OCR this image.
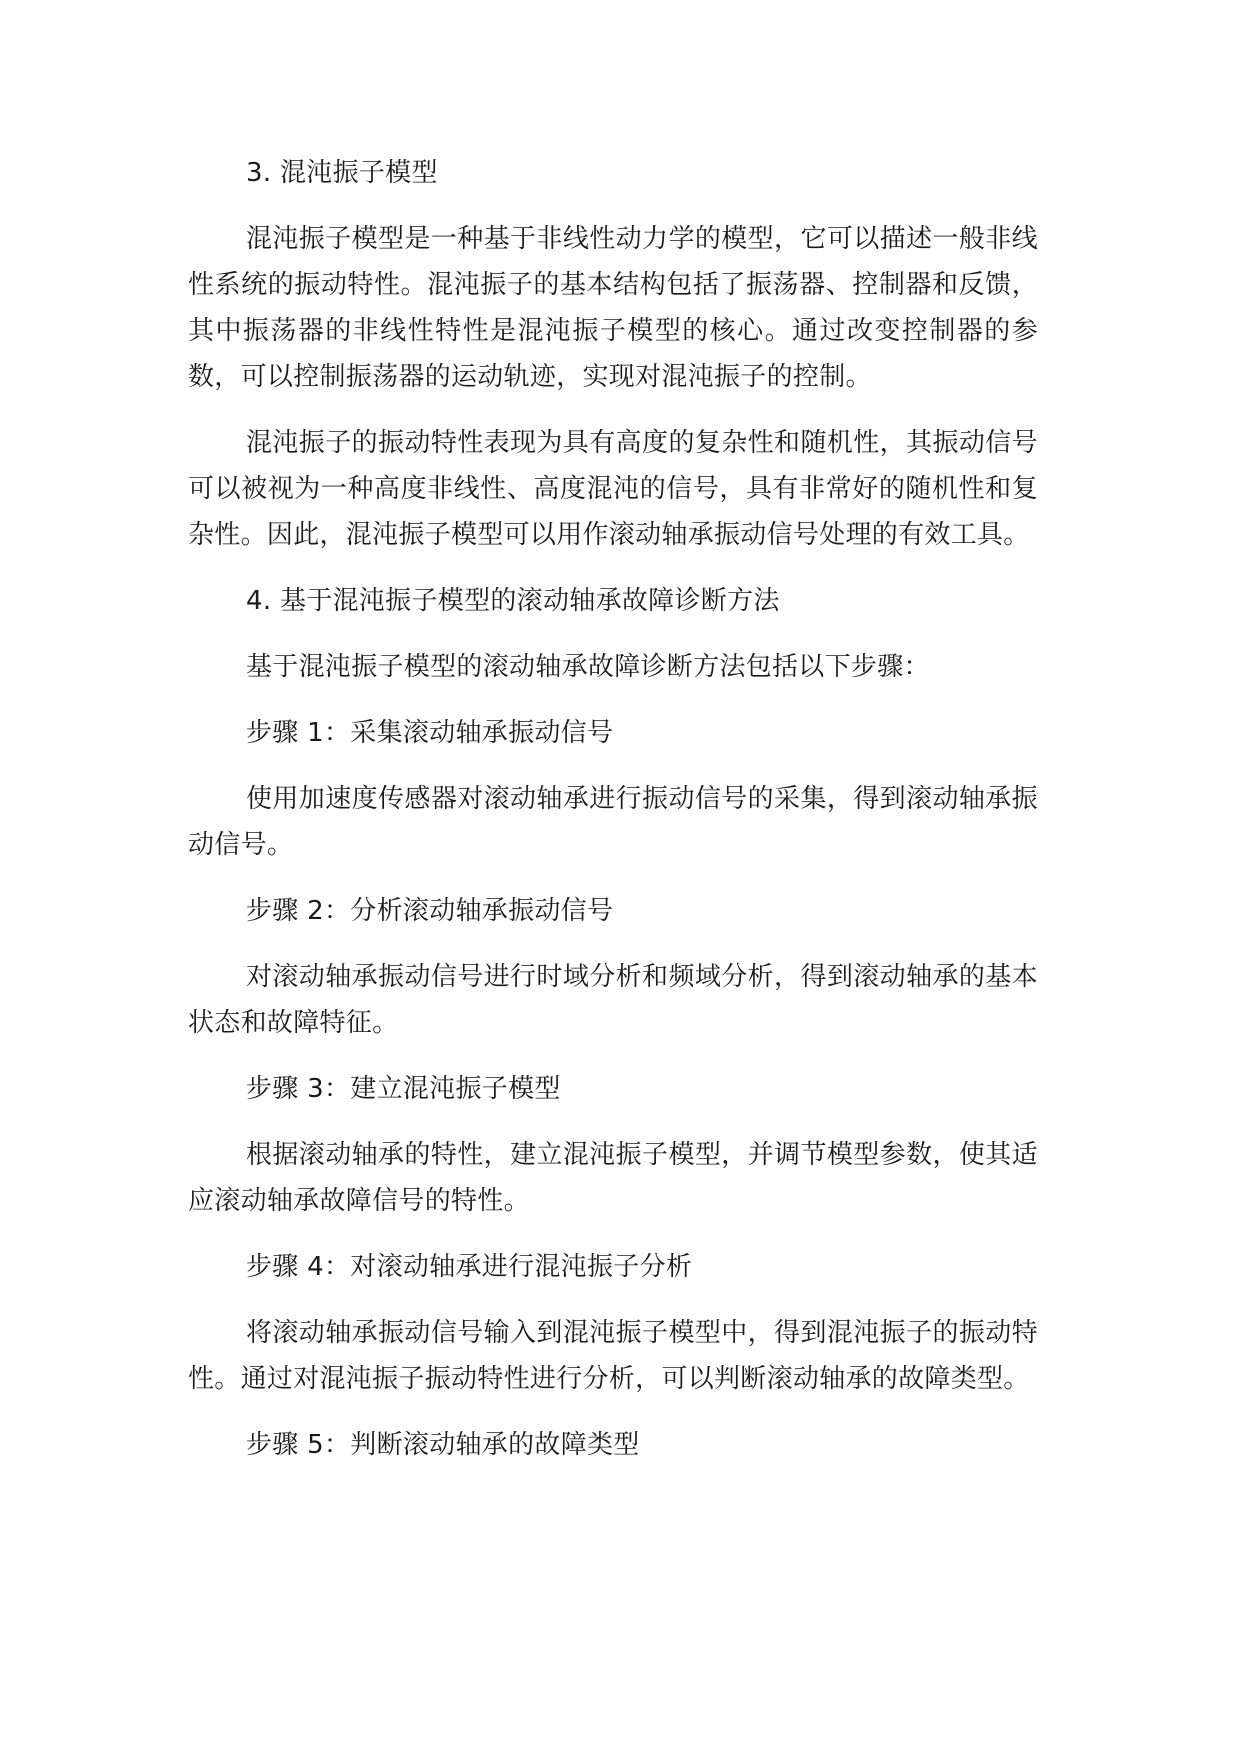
3. 混沌振子模型

混沌振子模型是一种基于非线性动力学的模型，它可以描述一般非线性系统的振动特性。混沌振子的基本结构包括了振荡器、控制器和反馈，其中振荡器的非线性特性是混沌振子模型的核心。通过改变控制器的参数，可以控制振荡器的运动轨迹，实现对混沌振子的控制。

混沌振子的振动特性表现为具有高度的复杂性和随机性，其振动信号可以被视为一种高度非线性、高度混沌的信号，具有非常好的随机性和复杂性。因此，混沌振子模型可以用作滚动轴承振动信号处理的有效工具。

4. 基于混沌振子模型的滚动轴承故障诊断方法

基于混沌振子模型的滚动轴承故障诊断方法包括以下步骤：

步骤 1：采集滚动轴承振动信号

使用加速度传感器对滚动轴承进行振动信号的采集，得到滚动轴承振动信号。

步骤 2：分析滚动轴承振动信号

对滚动轴承振动信号进行时域分析和频域分析，得到滚动轴承的基本状态和故障特征。

步骤 3：建立混沌振子模型

根据滚动轴承的特性，建立混沌振子模型，并调节模型参数，使其适应滚动轴承故障信号的特性。

步骤 4：对滚动轴承进行混沌振子分析

将滚动轴承振动信号输入到混沌振子模型中，得到混沌振子的振动特性。通过对混沌振子振动特性进行分析，可以判断滚动轴承的故障类型。

步骤 5：判断滚动轴承的故障类型
